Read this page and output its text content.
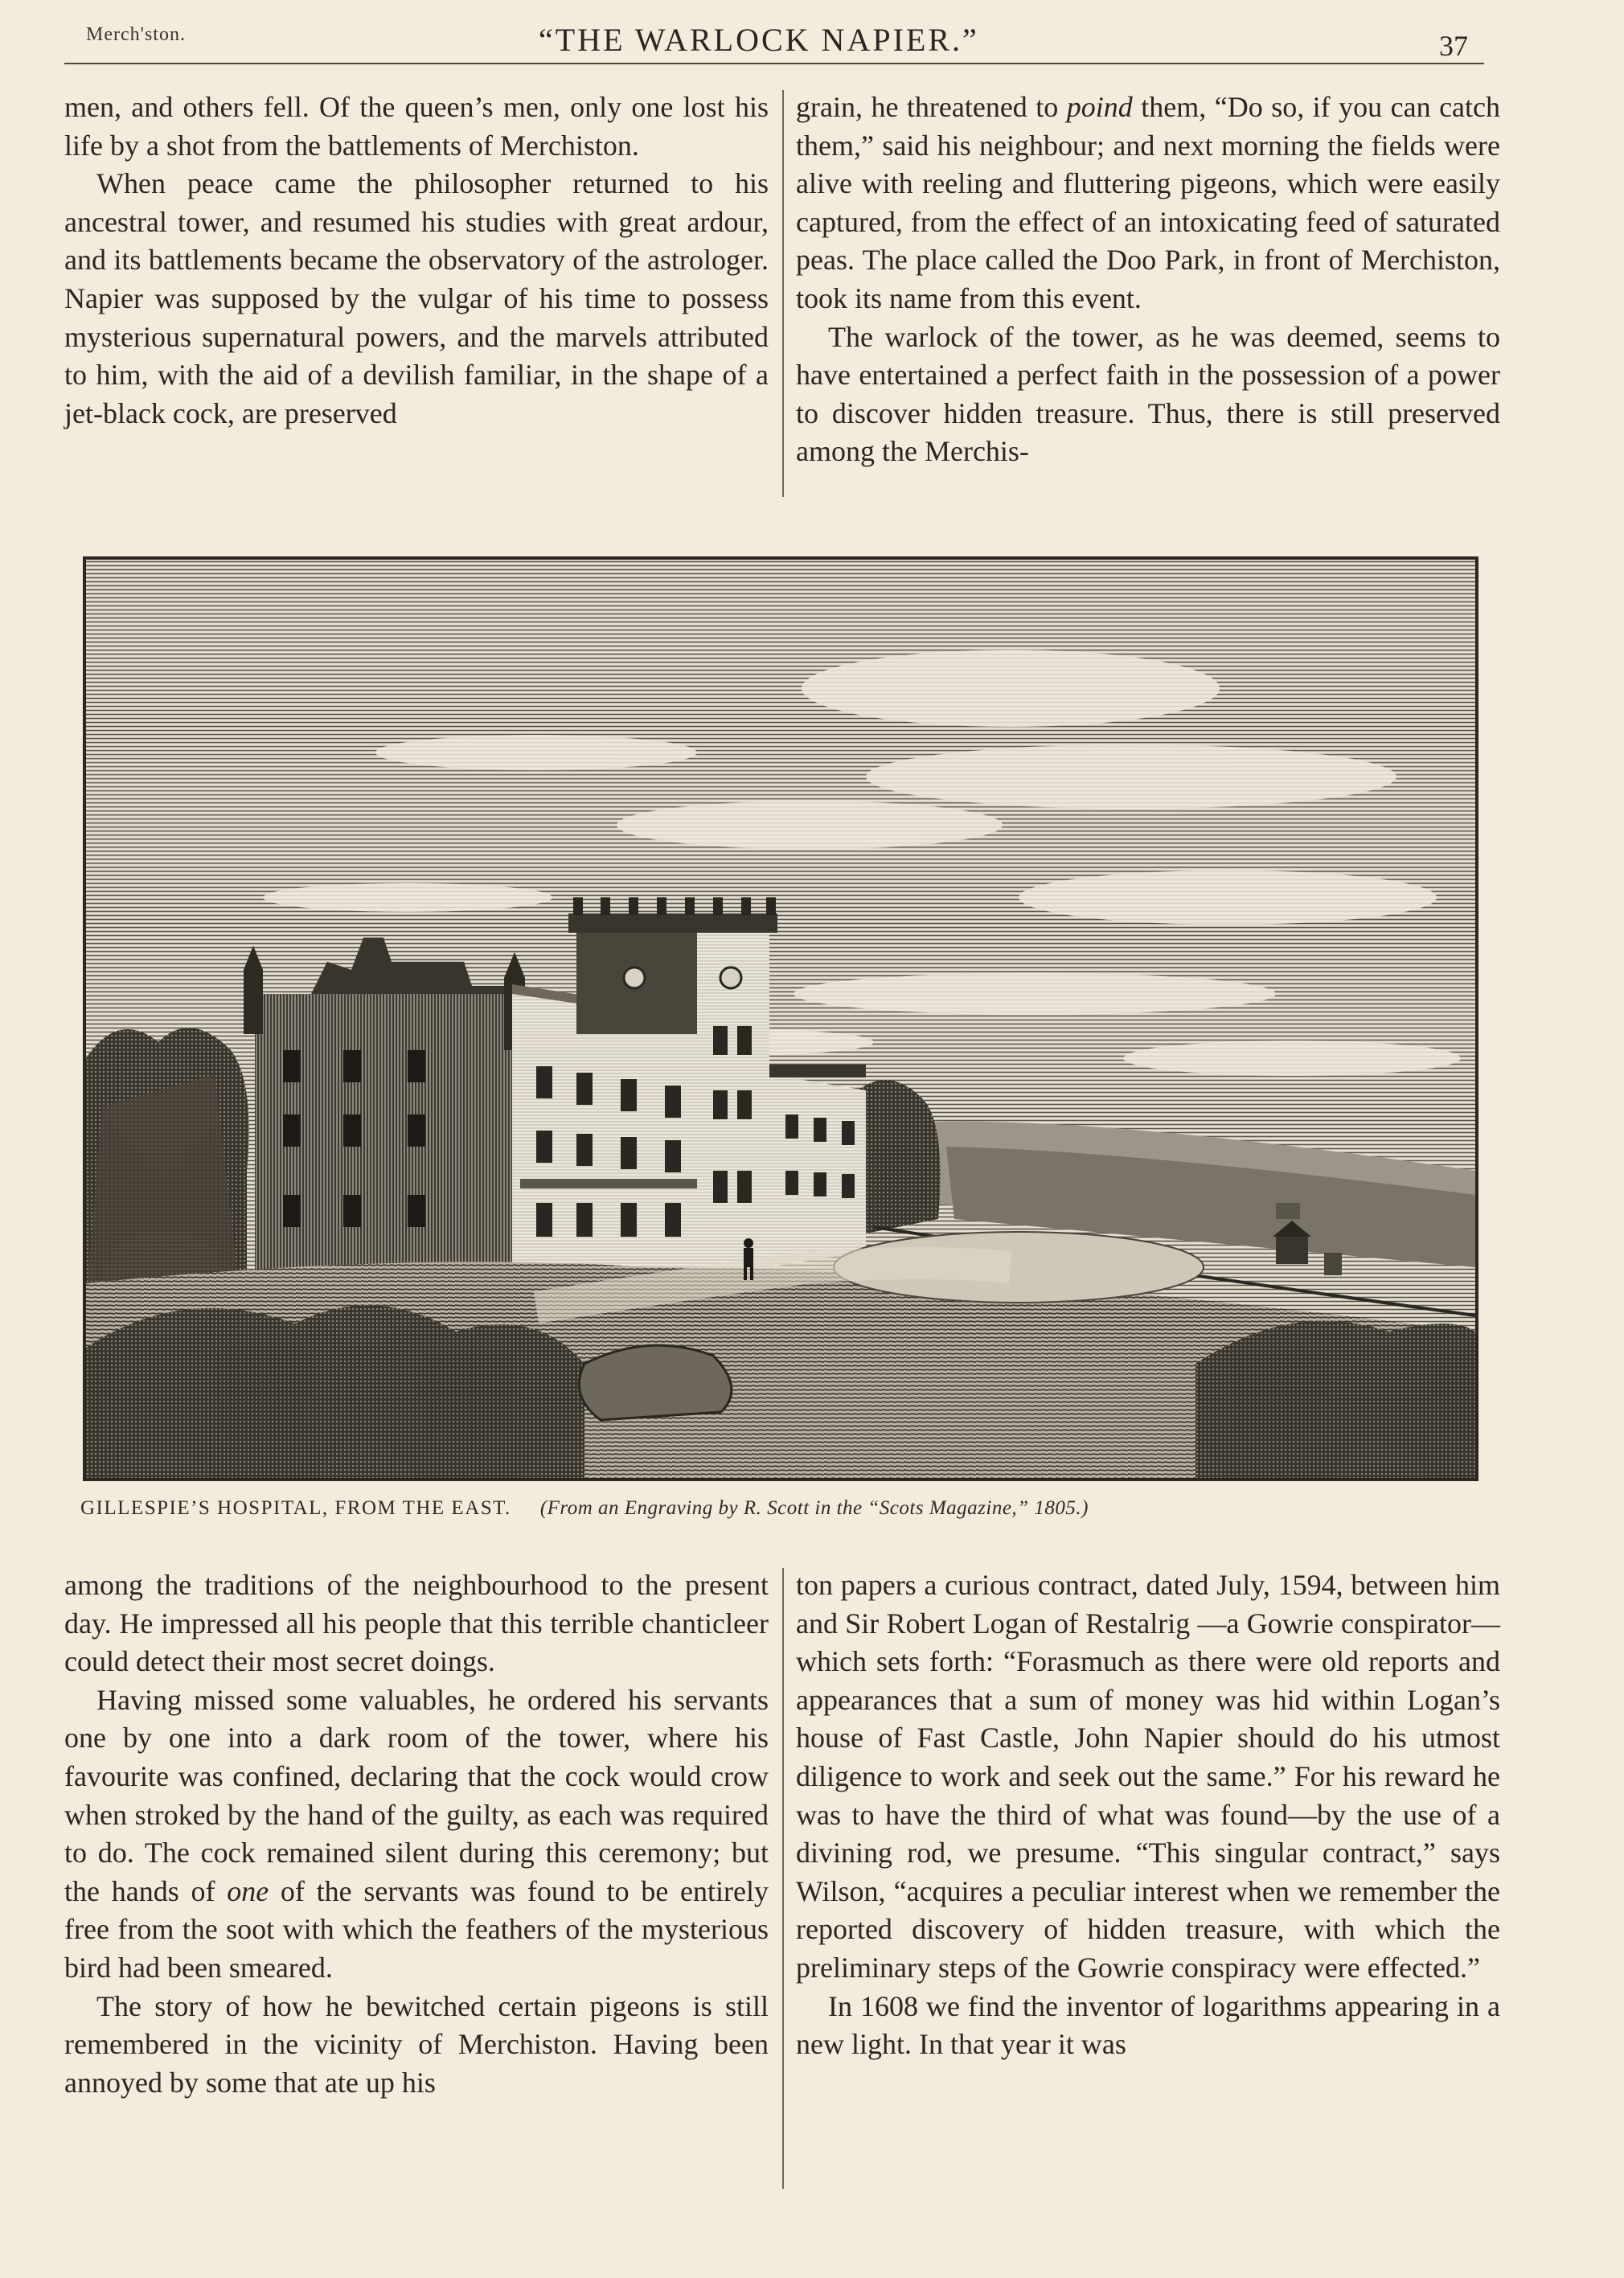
Merch'ston.	“THE WARLOCK NAPIER.”	37

men, and others fell. Of the queen’s men, only one lost his life by a shot from the battlements of Merchiston.

When peace came the philosopher returned to his ancestral tower, and resumed his studies with great ardour, and its battlements became the observatory of the astrologer. Napier was supposed by the vulgar of his time to possess mysterious supernatural powers, and the marvels attributed to him, with the aid of a devilish familiar, in the shape of a jet-black cock, are preserved

grain, he threatened to poind them, “Do so, if you can catch them,” said his neighbour; and next morning the fields were alive with reeling and fluttering pigeons, which were easily captured, from the effect of an intoxicating feed of saturated peas. The place called the Doo Park, in front of Merchiston, took its name from this event.

The warlock of the tower, as he was deemed, seems to have entertained a perfect faith in the possession of a power to discover hidden treasure. Thus, there is still preserved among the Merchis-

GILLESPIE’S HOSPITAL, FROM THE EAST. (From an Engraving by R. Scott in the “Scots Magazine,” 1805.)

among the traditions of the neighbourhood to the present day. He impressed all his people that this terrible chanticleer could detect their most secret doings.

Having missed some valuables, he ordered his servants one by one into a dark room of the tower, where his favourite was confined, declaring that the cock would crow when stroked by the hand of the guilty, as each was required to do. The cock remained silent during this ceremony; but the hands of one of the servants was found to be entirely free from the soot with which the feathers of the mysterious bird had been smeared.

The story of how he bewitched certain pigeons is still remembered in the vicinity of Merchiston. Having been annoyed by some that ate up his

ton papers a curious contract, dated July, 1594, between him and Sir Robert Logan of Restalrig —a Gowrie conspirator—which sets forth: “Forasmuch as there were old reports and appearances that a sum of money was hid within Logan’s house of Fast Castle, John Napier should do his utmost diligence to work and seek out the same.” For his reward he was to have the third of what was found—by the use of a divining rod, we presume. “This singular contract,” says Wilson, “acquires a peculiar interest when we remember the reported discovery of hidden treasure, with which the preliminary steps of the Gowrie conspiracy were effected.”

In 1608 we find the inventor of logarithms appearing in a new light. In that year it was
